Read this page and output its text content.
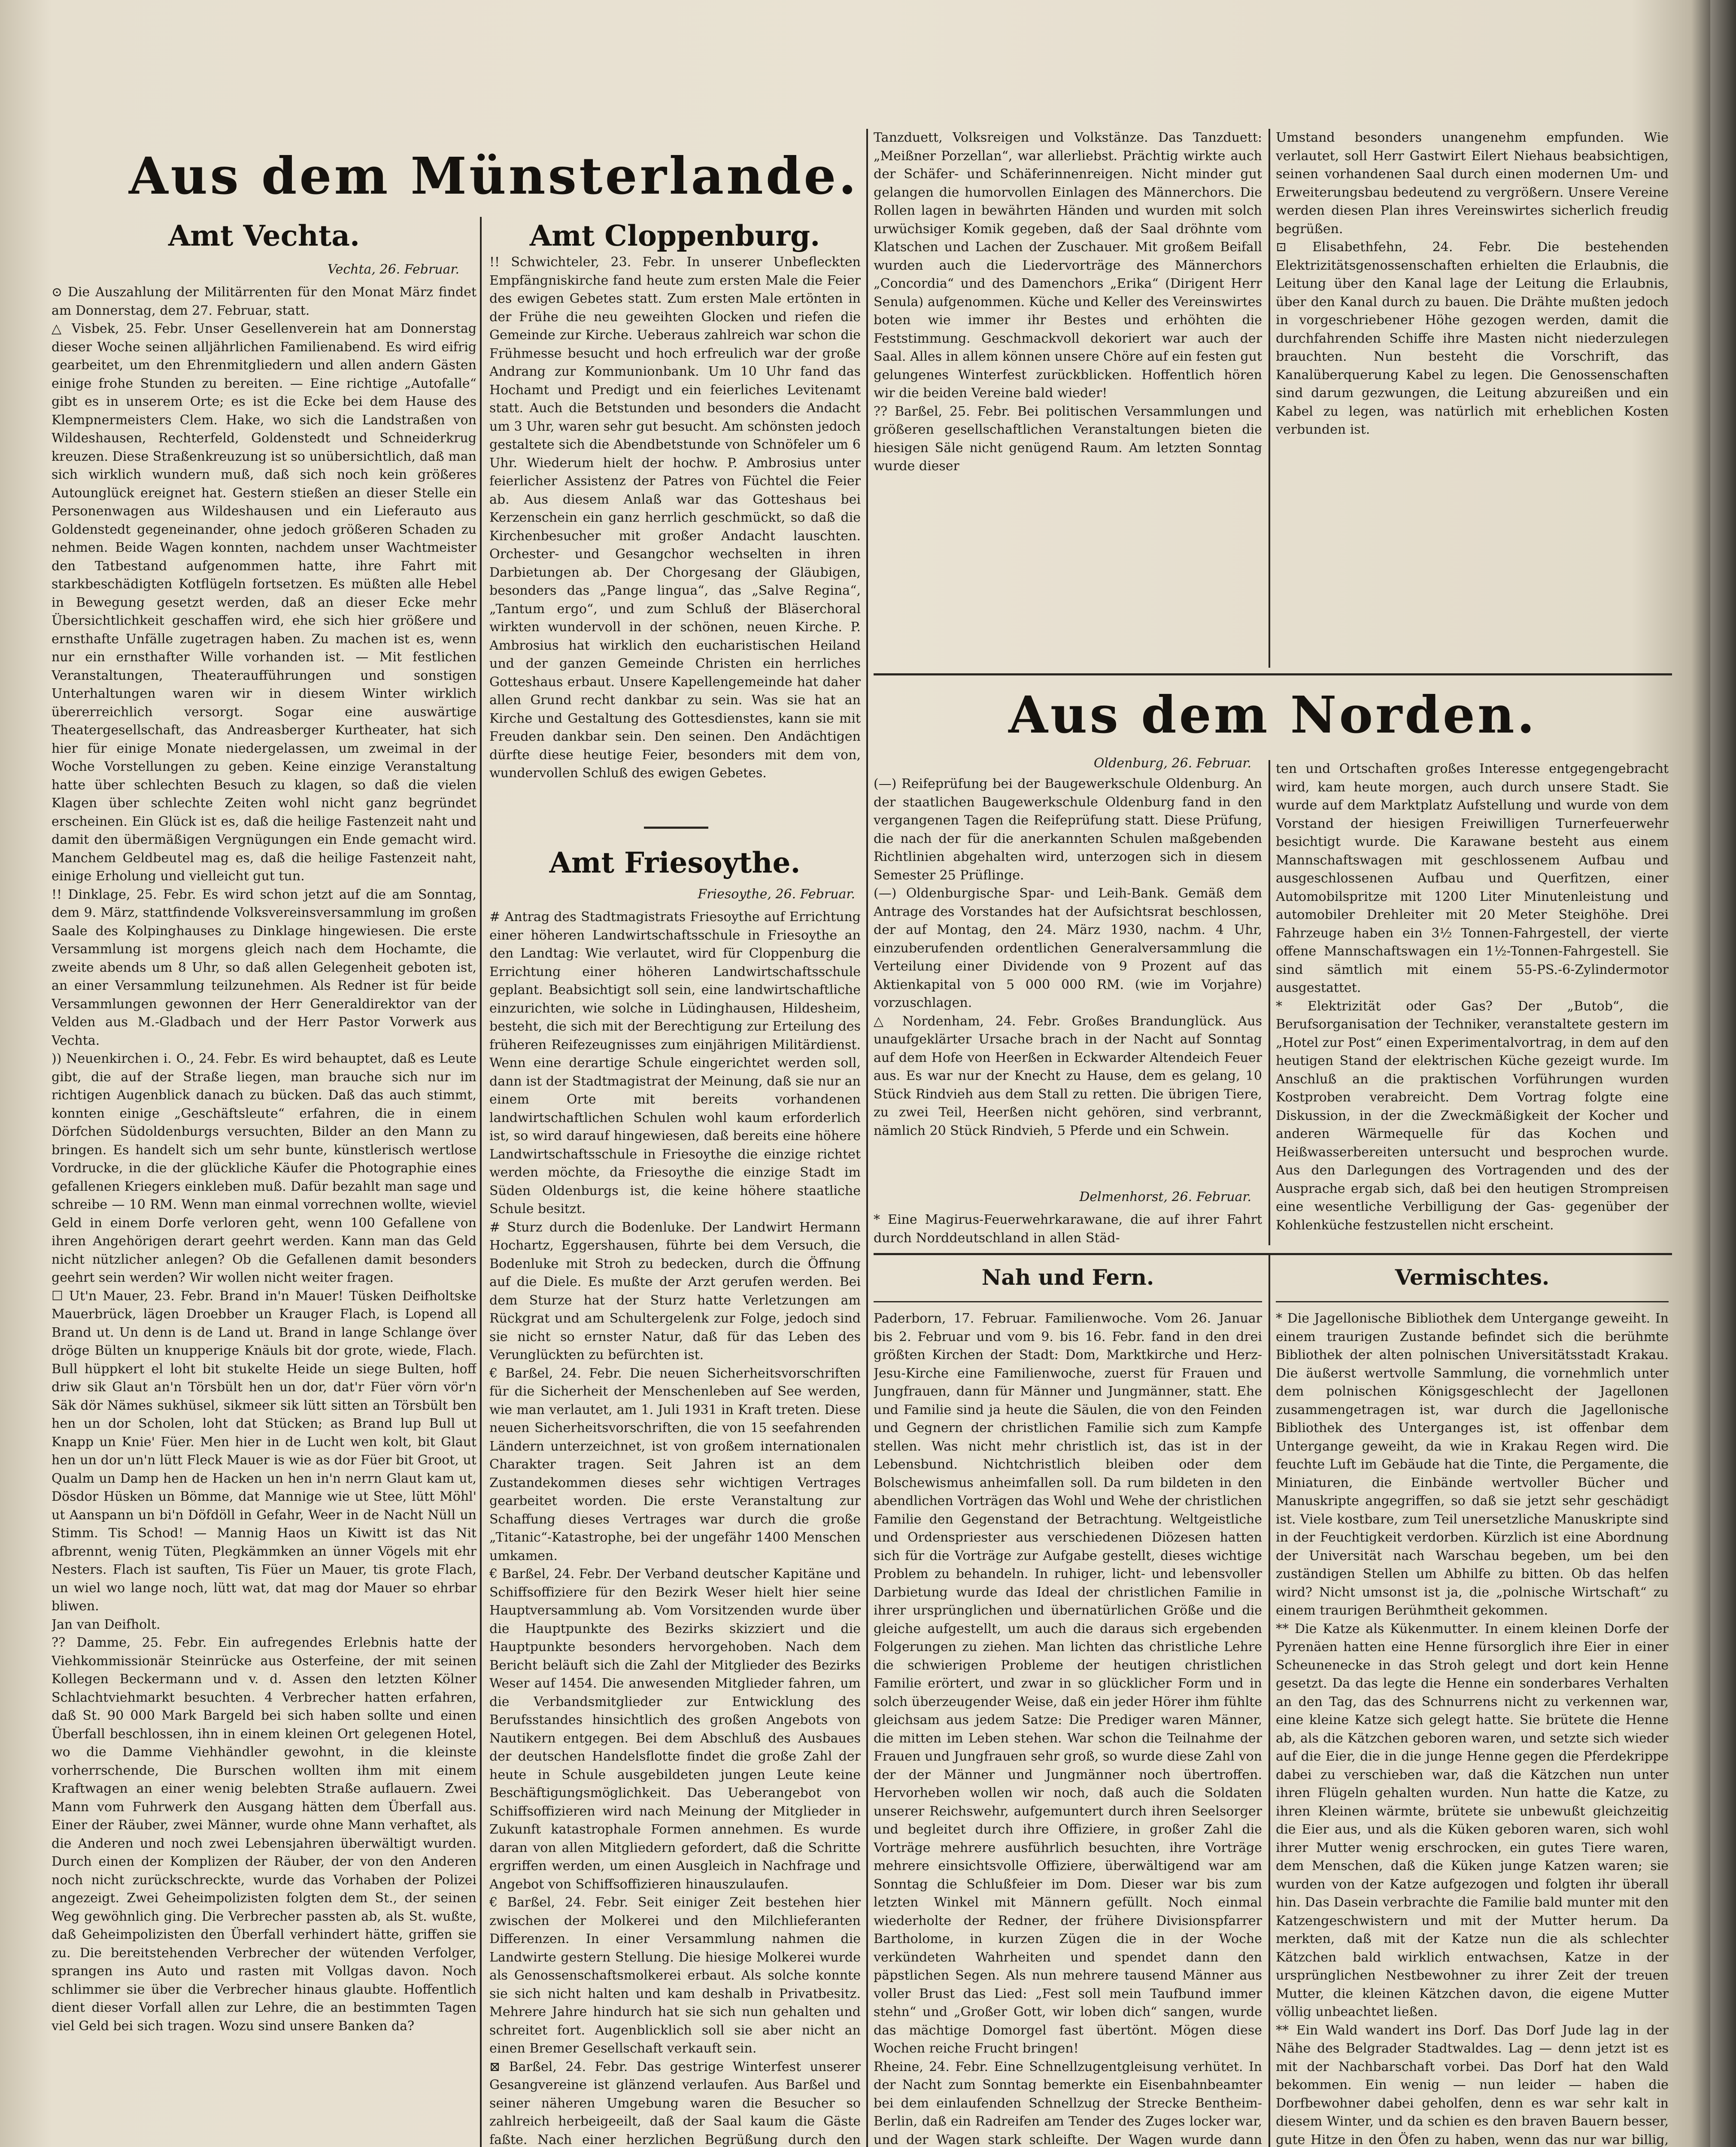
Aus dem Münsterlande.
Amt Vechta.
Vechta, 26. Februar.

⊙ Die Auszahlung der Militärrenten für den Monat März findet am Donnerstag, dem 27. Februar, statt.

△ Visbek, 25. Febr. Unser Gesellenverein hat am Donnerstag dieser Woche seinen alljährlichen Familienabend. Es wird eifrig gearbeitet, um den Ehrenmitgliedern und allen andern Gästen einige frohe Stunden zu bereiten. — Eine richtige „Autofalle“ gibt es in unserem Orte; es ist die Ecke bei dem Hause des Klempnermeisters Clem. Hake, wo sich die Landstraßen von Wildeshausen, Rechterfeld, Goldenstedt und Schneiderkrug kreuzen. Diese Straßenkreuzung ist so unübersichtlich, daß man sich wirklich wundern muß, daß sich noch kein größeres Autounglück ereignet hat. Gestern stießen an dieser Stelle ein Personenwagen aus Wildeshausen und ein Lieferauto aus Goldenstedt gegeneinander, ohne jedoch größeren Schaden zu nehmen. Beide Wagen konnten, nachdem unser Wachtmeister den Tatbestand aufgenommen hatte, ihre Fahrt mit starkbeschädigten Kotflügeln fortsetzen. Es müßten alle Hebel in Bewegung gesetzt werden, daß an dieser Ecke mehr Übersichtlichkeit geschaffen wird, ehe sich hier größere und ernsthafte Unfälle zugetragen haben. Zu machen ist es, wenn nur ein ernsthafter Wille vorhanden ist. — Mit festlichen Veranstaltungen, Theateraufführungen und sonstigen Unterhaltungen waren wir in diesem Winter wirklich übererreichlich versorgt. Sogar eine auswärtige Theatergesellschaft, das Andreasberger Kurtheater, hat sich hier für einige Monate niedergelassen, um zweimal in der Woche Vorstellungen zu geben. Keine einzige Veranstaltung hatte über schlechten Besuch zu klagen, so daß die vielen Klagen über schlechte Zeiten wohl nicht ganz begründet erscheinen. Ein Glück ist es, daß die heilige Fastenzeit naht und damit den übermäßigen Vergnügungen ein Ende gemacht wird. Manchem Geldbeutel mag es, daß die heilige Fastenzeit naht, einige Erholung und vielleicht gut tun.

!! Dinklage, 25. Febr. Es wird schon jetzt auf die am Sonntag, dem 9. März, stattfindende Volksvereinsversammlung im großen Saale des Kolpinghauses zu Dinklage hingewiesen. Die erste Versammlung ist morgens gleich nach dem Hochamte, die zweite abends um 8 Uhr, so daß allen Gelegenheit geboten ist, an einer Versammlung teilzunehmen. Als Redner ist für beide Versammlungen gewonnen der Herr Generaldirektor van der Velden aus M.-Gladbach und der Herr Pastor Vorwerk aus Vechta.

)) Neuenkirchen i. O., 24. Febr. Es wird behauptet, daß es Leute gibt, die auf der Straße liegen, man brauche sich nur im richtigen Augenblick danach zu bücken. Daß das auch stimmt, konnten einige „Geschäftsleute“ erfahren, die in einem Dörfchen Südoldenburgs versuchten, Bilder an den Mann zu bringen. Es handelt sich um sehr bunte, künstlerisch wertlose Vordrucke, in die der glückliche Käufer die Photographie eines gefallenen Kriegers einkleben muß. Dafür bezahlt man sage und schreibe — 10 RM. Wenn man einmal vorrechnen wollte, wieviel Geld in einem Dorfe verloren geht, wenn 100 Gefallene von ihren Angehörigen derart geehrt werden. Kann man das Geld nicht nützlicher anlegen? Ob die Gefallenen damit besonders geehrt sein werden? Wir wollen nicht weiter fragen.

☐ Ut'n Mauer, 23. Febr. Brand in'n Mauer! Tüsken Deifholtske Mauerbrück, lägen Droebber un Krauger Flach, is Lopend all Brand ut. Un denn is de Land ut. Brand in lange Schlange över dröge Bülten un knupperige Knäuls bit dor grote, wiede, Flach. Bull hüppkert el loht bit stukelte Heide un siege Bulten, hoff driw sik Glaut an'n Törsbült hen un dor, dat'r Füer vörn vör'n Säk dör Nämes sukhüsel, sikmeer sik lütt sitten an Törsbült ben hen un dor Scholen, loht dat Stücken; as Brand lup Bull ut Knapp un Knie' Füer. Men hier in de Lucht wen kolt, bit Glaut hen un dor un'n lütt Fleck Mauer is wie as dor Füer bit Groot, ut Qualm un Damp hen de Hacken un hen in'n nerrn Glaut kam ut, Dösdor Hüsken un Bömme, dat Mannige wie ut Stee, lütt Möhl' ut Aanspann un bi'n Döfdöll in Gefahr, Weer in de Nacht Nüll un Stimm. Tis Schod! — Mannig Haos un Kiwitt ist das Nit afbrennt, wenig Tüten, Plegkämmken an ünner Vögels mit ehr Nesters. Flach ist sauften, Tis Füer un Mauer, tis grote Flach, un wiel wo lange noch, lütt wat, dat mag dor Mauer so ehrbar bliwen.
Jan van Deifholt.

?? Damme, 25. Febr. Ein aufregendes Erlebnis hatte der Viehkommissionär Steinrücke aus Osterfeine, der mit seinen Kollegen Beckermann und v. d. Assen den letzten Kölner Schlachtviehmarkt besuchten. 4 Verbrecher hatten erfahren, daß St. 90 000 Mark Bargeld bei sich haben sollte und einen Überfall beschlossen, ihn in einem kleinen Ort gelegenen Hotel, wo die Damme Viehhändler gewohnt, in die kleinste vorherrschende, Die Burschen wollten ihm mit einem Kraftwagen an einer wenig belebten Straße auflauern. Zwei Mann vom Fuhrwerk den Ausgang hätten dem Überfall aus. Einer der Räuber, zwei Männer, wurde ohne Mann verhaftet, als die Anderen und noch zwei Lebensjahren überwältigt wurden. Durch einen der Komplizen der Räuber, der von den Anderen noch nicht zurückschreckte, wurde das Vorhaben der Polizei angezeigt. Zwei Geheimpolizisten folgten dem St., der seinen Weg gewöhnlich ging. Die Verbrecher passten ab, als St. wußte, daß Geheimpolizisten den Überfall verhindert hätte, griffen sie zu. Die bereitstehenden Verbrecher der wütenden Verfolger, sprangen ins Auto und rasten mit Vollgas davon. Noch schlimmer sie über die Verbrecher hinaus glaubte. Hoffentlich dient dieser Vorfall allen zur Lehre, die an bestimmten Tagen viel Geld bei sich tragen. Wozu sind unsere Banken da?

Amt Cloppenburg.

!! Schwichteler, 23. Febr. In unserer Unbefleckten Empfängniskirche fand heute zum ersten Male die Feier des ewigen Gebetes statt. Zum ersten Male ertönten in der Frühe die neu geweihten Glocken und riefen die Gemeinde zur Kirche. Ueberaus zahlreich war schon die Frühmesse besucht und hoch erfreulich war der große Andrang zur Kommunionbank. Um 10 Uhr fand das Hochamt und Predigt und ein feierliches Levitenamt statt. Auch die Betstunden und besonders die Andacht um 3 Uhr, waren sehr gut besucht. Am schönsten jedoch gestaltete sich die Abendbetstunde von Schnöfeler um 6 Uhr. Wiederum hielt der hochw. P. Ambrosius unter feierlicher Assistenz der Patres von Füchtel die Feier ab. Aus diesem Anlaß war das Gotteshaus bei Kerzenschein ein ganz herrlich geschmückt, so daß die Kirchenbesucher mit großer Andacht lauschten. Orchester- und Gesangchor wechselten in ihren Darbietungen ab. Der Chorgesang der Gläubigen, besonders das „Pange lingua“, das „Salve Regina“, „Tantum ergo“, und zum Schluß der Bläserchoral wirkten wundervoll in der schönen, neuen Kirche. P. Ambrosius hat wirklich den eucharistischen Heiland und der ganzen Gemeinde Christen ein herrliches Gotteshaus erbaut. Unsere Kapellengemeinde hat daher allen Grund recht dankbar zu sein. Was sie hat an Kirche und Gestaltung des Gottesdienstes, kann sie mit Freuden dankbar sein. Den seinen. Den Andächtigen dürfte diese heutige Feier, besonders mit dem von, wundervollen Schluß des ewigen Gebetes.

Amt Friesoythe.
Friesoythe, 26. Februar.

# Antrag des Stadtmagistrats Friesoythe auf Errichtung einer höheren Landwirtschaftsschule in Friesoythe an den Landtag: Wie verlautet, wird für Cloppenburg die Errichtung einer höheren Landwirtschaftsschule geplant. Beabsichtigt soll sein, eine landwirtschaftliche einzurichten, wie solche in Lüdinghausen, Hildesheim, besteht, die sich mit der Berechtigung zur Erteilung des früheren Reifezeugnisses zum einjährigen Militärdienst. Wenn eine derartige Schule eingerichtet werden soll, dann ist der Stadtmagistrat der Meinung, daß sie nur an einem Orte mit bereits vorhandenen landwirtschaftlichen Schulen wohl kaum erforderlich ist, so wird darauf hingewiesen, daß bereits eine höhere Landwirtschaftsschule in Friesoythe die einzige richtet werden möchte, da Friesoythe die einzige Stadt im Süden Oldenburgs ist, die keine höhere staatliche Schule besitzt.

# Sturz durch die Bodenluke. Der Landwirt Hermann Hochartz, Eggershausen, führte bei dem Versuch, die Bodenluke mit Stroh zu bedecken, durch die Öffnung auf die Diele. Es mußte der Arzt gerufen werden. Bei dem Sturze hat der Sturz hatte Verletzungen am Rückgrat und am Schultergelenk zur Folge, jedoch sind sie nicht so ernster Natur, daß für das Leben des Verunglückten zu befürchten ist.

€ Barßel, 24. Febr. Die neuen Sicherheitsvorschriften für die Sicherheit der Menschenleben auf See werden, wie man verlautet, am 1. Juli 1931 in Kraft treten. Diese neuen Sicherheitsvorschriften, die von 15 seefahrenden Ländern unterzeichnet, ist von großem internationalen Charakter tragen. Seit Jahren ist an dem Zustandekommen dieses sehr wichtigen Vertrages gearbeitet worden. Die erste Veranstaltung zur Schaffung dieses Vertrages war durch die große „Titanic“-Katastrophe, bei der ungefähr 1400 Menschen umkamen.

€ Barßel, 24. Febr. Der Verband deutscher Kapitäne und Schiffsoffiziere für den Bezirk Weser hielt hier seine Hauptversammlung ab. Vom Vorsitzenden wurde über die Hauptpunkte des Bezirks skizziert und die Hauptpunkte besonders hervorgehoben. Nach dem Bericht beläuft sich die Zahl der Mitglieder des Bezirks Weser auf 1454. Die anwesenden Mitglieder fahren, um die Verbandsmitglieder zur Entwicklung des Berufsstandes hinsichtlich des großen Angebots von Nautikern entgegen. Bei dem Abschluß des Ausbaues der deutschen Handelsflotte findet die große Zahl der heute in Schule ausgebildeten jungen Leute keine Beschäftigungsmöglichkeit. Das Ueberangebot von Schiffsoffizieren wird nach Meinung der Mitglieder in Zukunft katastrophale Formen annehmen. Es wurde daran von allen Mitgliedern gefordert, daß die Schritte ergriffen werden, um einen Ausgleich in Nachfrage und Angebot von Schiffsoffizieren hinauszulaufen.

€ Barßel, 24. Febr. Seit einiger Zeit bestehen hier zwischen der Molkerei und den Milchlieferanten Differenzen. In einer Versammlung nahmen die Landwirte gestern Stellung. Die hiesige Molkerei wurde als Genossenschaftsmolkerei erbaut. Als solche konnte sie sich nicht halten und kam deshalb in Privatbesitz. Mehrere Jahre hindurch hat sie sich nun gehalten und schreitet fort. Augenblicklich soll sie aber nicht an einen Bremer Gesellschaft verkauft sein.

⊠ Barßel, 24. Febr. Das gestrige Winterfest unserer Gesangvereine ist glänzend verlaufen. Aus Barßel und seiner näheren Umgebung waren die Besucher so zahlreich herbeigeeilt, daß der Saal kaum die Gäste faßte. Nach einer herzlichen Begrüßung durch den

Tanzduett, Volksreigen und Volkstänze. Das Tanzduett: „Meißner Porzellan“, war allerliebst. Prächtig wirkte auch der Schäfer- und Schäferinnenreigen. Nicht minder gut gelangen die humorvollen Einlagen des Männerchors. Die Rollen lagen in bewährten Händen und wurden mit solch urwüchsiger Komik gegeben, daß der Saal dröhnte vom Klatschen und Lachen der Zuschauer. Mit großem Beifall wurden auch die Liedervorträge des Männerchors „Concordia“ und des Damenchors „Erika“ (Dirigent Herr Senula) aufgenommen. Küche und Keller des Vereinswirtes boten wie immer ihr Bestes und erhöhten die Feststimmung. Geschmackvoll dekoriert war auch der Saal. Alles in allem können unsere Chöre auf ein festen gut gelungenes Winterfest zurückblicken. Hoffentlich hören wir die beiden Vereine bald wieder!

?? Barßel, 25. Febr. Bei politischen Versammlungen und größeren gesellschaftlichen Veranstaltungen bieten die hiesigen Säle nicht genügend Raum. Am letzten Sonntag wurde dieser

Umstand besonders unangenehm empfunden. Wie verlautet, soll Herr Gastwirt Eilert Niehaus beabsichtigen, seinen vorhandenen Saal durch einen modernen Um- und Erweiterungsbau bedeutend zu vergrößern. Unsere Vereine werden diesen Plan ihres Vereinswirtes sicherlich freudig begrüßen.

⊡ Elisabethfehn, 24. Febr. Die bestehenden Elektrizitätsgenossenschaften erhielten die Erlaubnis, die Leitung über den Kanal lage der Leitung die Erlaubnis, über den Kanal durch zu bauen. Die Drähte mußten jedoch in vorgeschriebener Höhe gezogen werden, damit die durchfahrenden Schiffe ihre Masten nicht niederzulegen brauchten. Nun besteht die Vorschrift, das Kanalüberquerung Kabel zu legen. Die Genossenschaften sind darum gezwungen, die Leitung abzureißen und ein Kabel zu legen, was natürlich mit erheblichen Kosten verbunden ist.

Aus dem Norden.
Oldenburg, 26. Februar.

(—) Reifeprüfung bei der Baugewerkschule Oldenburg. An der staatlichen Baugewerkschule Oldenburg fand in den vergangenen Tagen die Reifeprüfung statt. Diese Prüfung, die nach der für die anerkannten Schulen maßgebenden Richtlinien abgehalten wird, unterzogen sich in diesem Semester 25 Prüflinge.

(—) Oldenburgische Spar- und Leih-Bank. Gemäß dem Antrage des Vorstandes hat der Aufsichtsrat beschlossen, der auf Montag, den 24. März 1930, nachm. 4 Uhr, einzuberufenden ordentlichen Generalversammlung die Verteilung einer Dividende von 9 Prozent auf das Aktienkapital von 5 000 000 RM. (wie im Vorjahre) vorzuschlagen.

△ Nordenham, 24. Febr. Großes Brandunglück. Aus unaufgeklärter Ursache brach in der Nacht auf Sonntag auf dem Hofe von Heerßen in Eckwarder Altendeich Feuer aus. Es war nur der Knecht zu Hause, dem es gelang, 10 Stück Rindvieh aus dem Stall zu retten. Die übrigen Tiere, zu zwei Teil, Heerßen nicht gehören, sind verbrannt, nämlich 20 Stück Rindvieh, 5 Pferde und ein Schwein.

Delmenhorst, 26. Februar.

* Eine Magirus-Feuerwehrkarawane, die auf ihrer Fahrt durch Norddeutschland in allen Städ-

ten und Ortschaften großes Interesse entgegengebracht wird, kam heute morgen, auch durch unsere Stadt. Sie wurde auf dem Marktplatz Aufstellung und wurde von dem Vorstand der hiesigen Freiwilligen Turnerfeuerwehr besichtigt wurde. Die Karawane besteht aus einem Mannschaftswagen mit geschlossenem Aufbau und ausgeschlossenen Aufbau und Querfitzen, einer Automobilspritze mit 1200 Liter Minutenleistung und automobiler Drehleiter mit 20 Meter Steighöhe. Drei Fahrzeuge haben ein 3½ Tonnen-Fahrgestell, der vierte offene Mannschaftswagen ein 1½-Tonnen-Fahrgestell. Sie sind sämtlich mit einem 55-PS.-6-Zylindermotor ausgestattet.

* Elektrizität oder Gas? Der „Butob“, die Berufsorganisation der Techniker, veranstaltete gestern im „Hotel zur Post“ einen Experimentalvortrag, in dem auf den heutigen Stand der elektrischen Küche gezeigt wurde. Im Anschluß an die praktischen Vorführungen wurden Kostproben verabreicht. Dem Vortrag folgte eine Diskussion, in der die Zweckmäßigkeit der Kocher und anderen Wärmequelle für das Kochen und Heißwasserbereiten untersucht und besprochen wurde. Aus den Darlegungen des Vortragenden und des der Ausprache ergab sich, daß bei den heutigen Strompreisen eine wesentliche Verbilligung der Gas- gegenüber der Kohlenküche festzustellen nicht erscheint.

Nah und Fern.

Paderborn, 17. Februar. Familienwoche. Vom 26. Januar bis 2. Februar und vom 9. bis 16. Febr. fand in den drei größten Kirchen der Stadt: Dom, Marktkirche und Herz-Jesu-Kirche eine Familienwoche, zuerst für Frauen und Jungfrauen, dann für Männer und Jungmänner, statt. Ehe und Familie sind ja heute die Säulen, die von den Feinden und Gegnern der christlichen Familie sich zum Kampfe stellen. Was nicht mehr christlich ist, das ist in der Lebensbund. Nichtchristlich bleiben oder dem Bolschewismus anheimfallen soll. Da rum bildeten in den abendlichen Vorträgen das Wohl und Wehe der christlichen Familie den Gegenstand der Betrachtung. Weltgeistliche und Ordenspriester aus verschiedenen Diözesen hatten sich für die Vorträge zur Aufgabe gestellt, dieses wichtige Problem zu behandeln. In ruhiger, licht- und lebensvoller Darbietung wurde das Ideal der christlichen Familie in ihrer ursprünglichen und übernatürlichen Größe und die gleiche aufgestellt, um auch die daraus sich ergebenden Folgerungen zu ziehen. Man lichten das christliche Lehre die schwierigen Probleme der heutigen christlichen Familie erörtert, und zwar in so glücklicher Form und in solch überzeugender Weise, daß ein jeder Hörer ihm fühlte gleichsam aus jedem Satze: Die Prediger waren Männer, die mitten im Leben stehen. War schon die Teilnahme der Frauen und Jungfrauen sehr groß, so wurde diese Zahl von der der Männer und Jungmänner noch übertroffen. Hervorheben wollen wir noch, daß auch die Soldaten unserer Reichswehr, aufgemuntert durch ihren Seelsorger und begleitet durch ihre Offiziere, in großer Zahl die Vorträge mehrere ausführlich besuchten, ihre Vorträge mehrere einsichtsvolle Offiziere, überwältigend war am Sonntag die Schlußfeier im Dom. Dieser war bis zum letzten Winkel mit Männern gefüllt. Noch einmal wiederholte der Redner, der frühere Divisionspfarrer Bartholome, in kurzen Zügen die in der Woche verkündeten Wahrheiten und spendet dann den päpstlichen Segen. Als nun mehrere tausend Männer aus voller Brust das Lied: „Fest soll mein Taufbund immer stehn“ und „Großer Gott, wir loben dich“ sangen, wurde das mächtige Domorgel fast übertönt. Mögen diese Wochen reiche Frucht bringen!

Rheine, 24. Febr. Eine Schnellzugentgleisung verhütet. In der Nacht zum Sonntag bemerkte ein Eisenbahnbeamter bei dem einlaufenden Schnellzug der Strecke Bentheim-Berlin, daß ein Radreifen am Tender des Zuges locker war, und der Wagen stark schleifte. Der Wagen wurde dann

Vermischtes.

* Die Jagellonische Bibliothek dem Untergange geweiht. In einem traurigen Zustande befindet sich die berühmte Bibliothek der alten polnischen Universitätsstadt Krakau. Die äußerst wertvolle Sammlung, die vornehmlich unter dem polnischen Königsgeschlecht der Jagellonen zusammengetragen ist, war durch die Jagellonische Bibliothek des Unterganges ist, ist offenbar dem Untergange geweiht, da wie in Krakau Regen wird. Die feuchte Luft im Gebäude hat die Tinte, die Pergamente, die Miniaturen, die Einbände wertvoller Bücher und Manuskripte angegriffen, so daß sie jetzt sehr geschädigt ist. Viele kostbare, zum Teil unersetzliche Manuskripte sind in der Feuchtigkeit verdorben. Kürzlich ist eine Abordnung der Universität nach Warschau begeben, um bei den zuständigen Stellen um Abhilfe zu bitten. Ob das helfen wird? Nicht umsonst ist ja, die „polnische Wirtschaft“ zu einem traurigen Berühmtheit gekommen.

** Die Katze als Kükenmutter. In einem kleinen Dorfe der Pyrenäen hatten eine Henne fürsorglich ihre Eier in einer Scheunenecke in das Stroh gelegt und dort kein Henne gesetzt. Da das legte die Henne ein sonderbares Verhalten an den Tag, das des Schnurrens nicht zu verkennen war, eine kleine Katze sich gelegt hatte. Sie brütete die Henne ab, als die Kätzchen geboren waren, und setzte sich wieder auf die Eier, die in die junge Henne gegen die Pferdekrippe dabei zu verschieben war, daß die Kätzchen nun unter ihren Flügeln gehalten wurden. Nun hatte die Katze, zu ihren Kleinen wärmte, brütete sie unbewußt gleichzeitig die Eier aus, und als die Küken geboren waren, sich wohl ihrer Mutter wenig erschrocken, ein gutes Tiere waren, dem Menschen, daß die Küken junge Katzen waren; sie wurden von der Katze aufgezogen und folgten ihr überall hin. Das Dasein verbrachte die Familie bald munter mit den Katzengeschwistern und mit der Mutter herum. Da merkten, daß mit der Katze nun die als schlechter Kätzchen bald wirklich entwachsen, Katze in der ursprünglichen Nestbewohner zu ihrer Zeit der treuen Mutter, die kleinen Kätzchen davon, die eigene Mutter völlig unbeachtet ließen.

** Ein Wald wandert ins Dorf. Das Dorf Jude lag in der Nähe des Belgrader Stadtwaldes. Lag — denn jetzt ist es mit der Nachbarschaft vorbei. Das Dorf hat den Wald bekommen. Ein wenig — nun leider — haben die Dorfbewohner dabei geholfen, denn es war sehr kalt in diesem Winter, und da schien es den braven Bauern besser, gute Hitze in den Öfen zu haben, wenn das nur war billig,
